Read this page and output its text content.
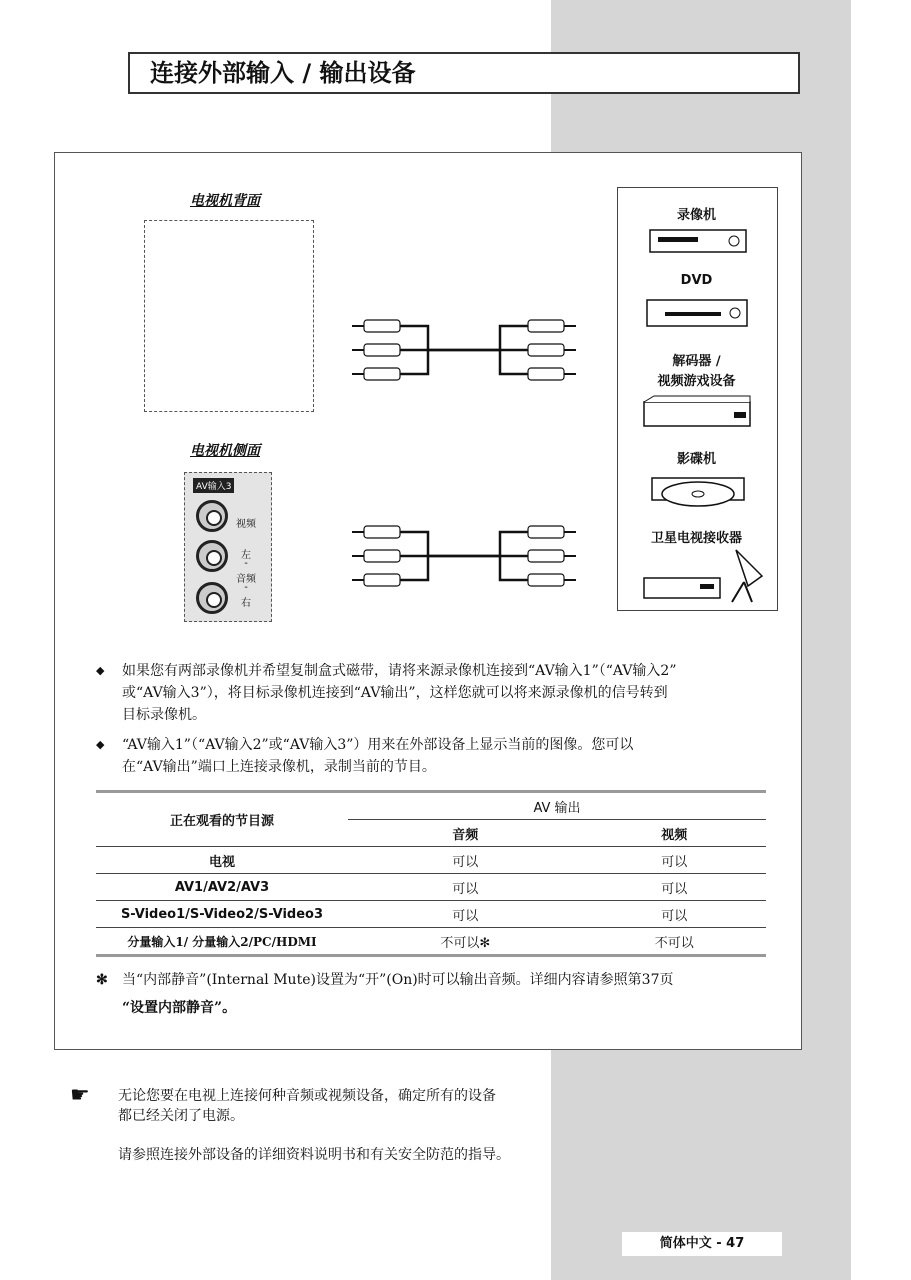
连接外部输入 / 输出设备
电视机背面
电视机侧面
AV输入3
视频
左
-
音频
-
右
录像机
DVD
解码器 /
视频游戏设备
影碟机
卫星电视接收器
◆ 如果您有两部录像机并希望复制盒式磁带，请将来源录像机连接到“AV输入1”（“AV输入2”
或“AV输入3”），将目标录像机连接到“AV输出”，这样您就可以将来源录像机的信号转到
目标录像机。
◆ “AV输入1”（“AV输入2”或“AV输入3”）用来在外部设备上显示当前的图像。您可以
在“AV输出”端口上连接录像机，录制当前的节目。
正在观看的节目源	AV 输出	
	音频	视频
电视	可以	可以
AV1/AV2/AV3	可以	可以
S-Video1/S-Video2/S-Video3	可以	可以
分量输入1/ 分量输入2/PC/HDMI	不可以✻	不可以
✻ 当“内部静音”(Internal Mute)设置为“开”(On)时可以输出音频。详细内容请参照第37页
“设置内部静音”。
☛ 无论您要在电视上连接何种音频或视频设备，确定所有的设备
都已经关闭了电源。
请参照连接外部设备的详细资料说明书和有关安全防范的指导。
简体中文 - 47
